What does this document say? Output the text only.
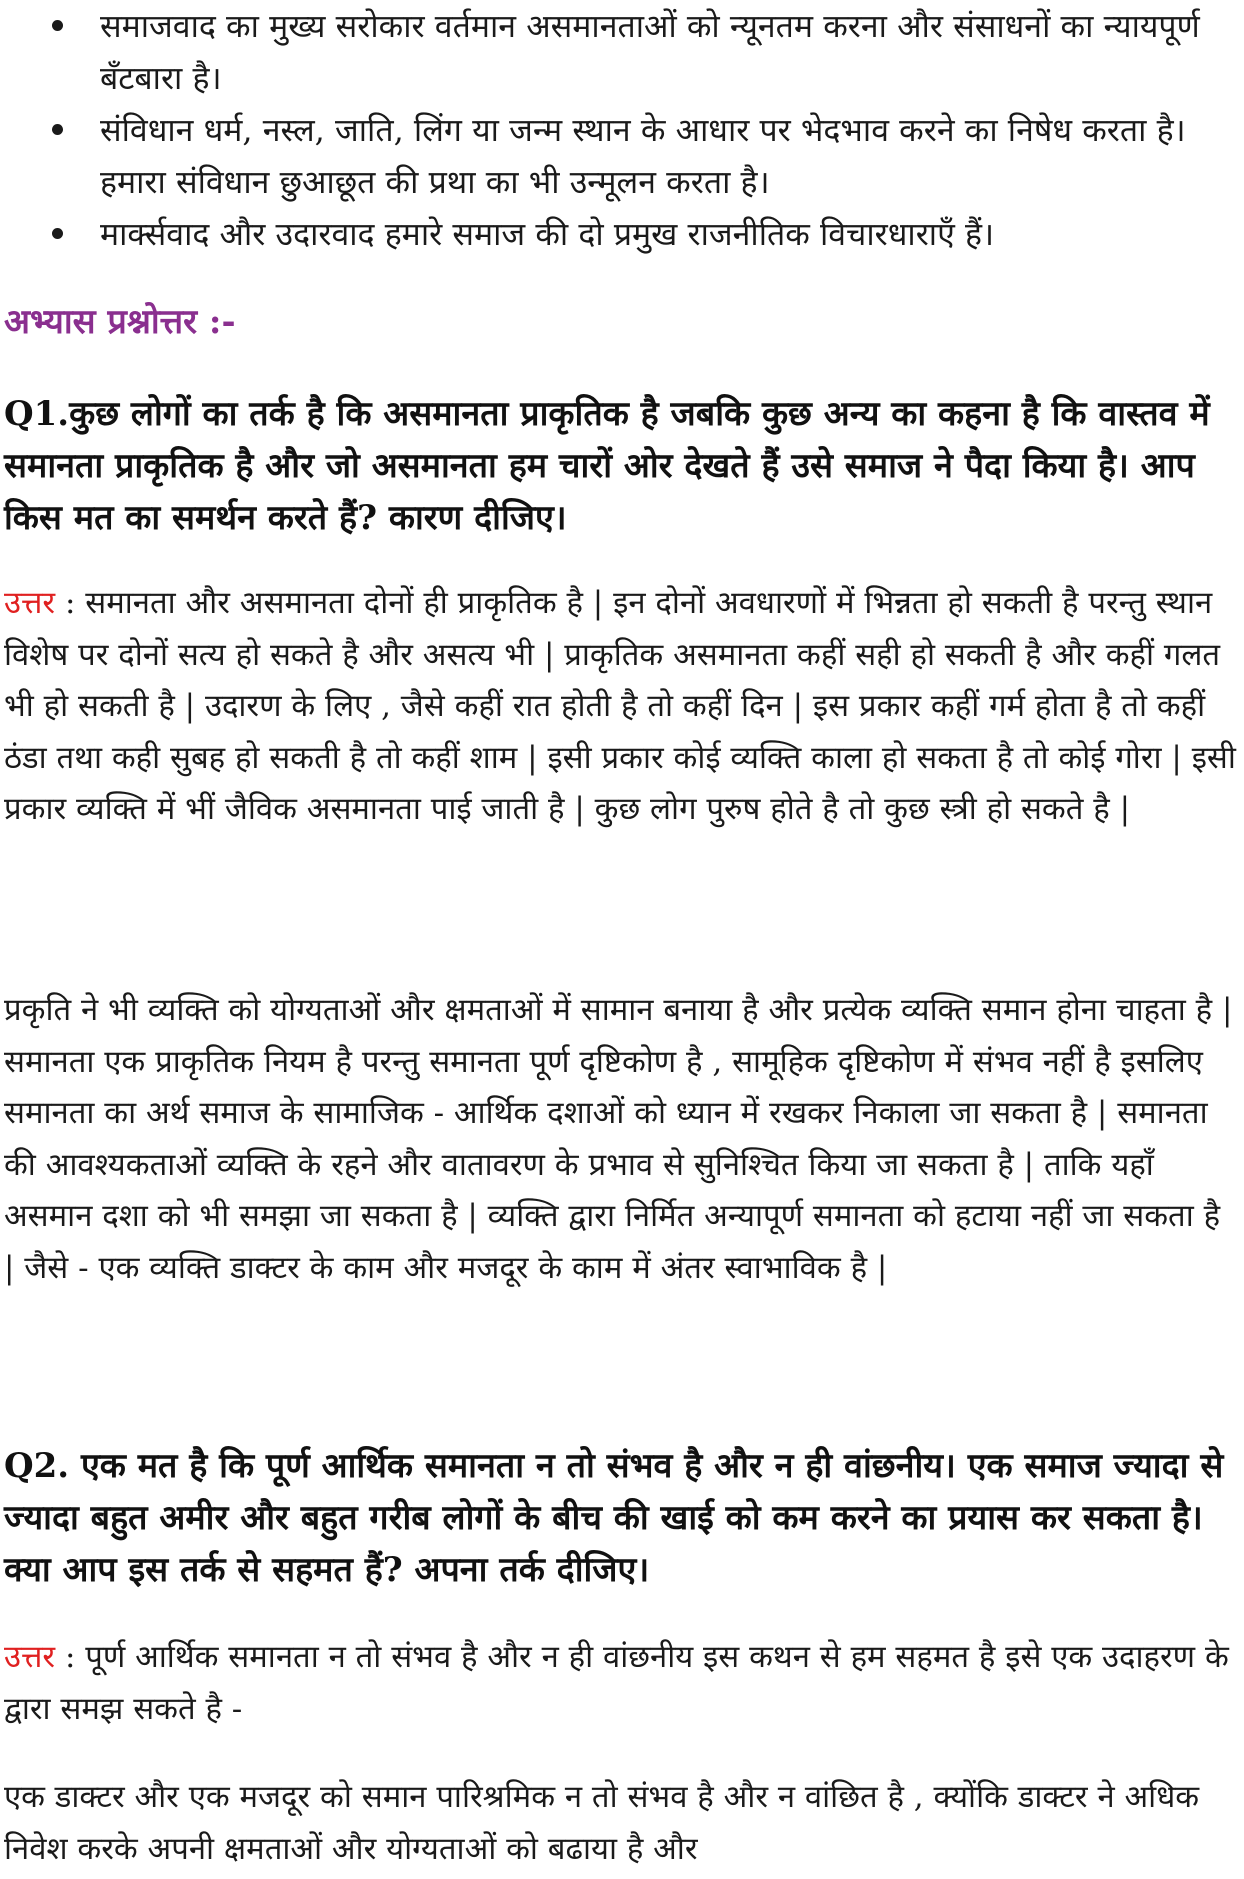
समाजवाद का मुख्य सरोकार वर्तमान असमानताओं को न्यूनतम करना और संसाधनों का न्यायपूर्ण बँटबारा है।
संविधान धर्म, नस्ल, जाति, लिंग या जन्म स्थान के आधार पर भेदभाव करने का निषेध करता है। हमारा संविधान छुआछूत की प्रथा का भी उन्मूलन करता है।
मार्क्सवाद और उदारवाद हमारे समाज की दो प्रमुख राजनीतिक विचारधाराएँ हैं।
अभ्यास प्रश्नोत्तर :-
Q1.कुछ लोगों का तर्क है कि असमानता प्राकृतिक है जबकि कुछ अन्य का कहना है कि वास्तव में समानता प्राकृतिक है और जो असमानता हम चारों ओर देखते हैं उसे समाज ने पैदा किया है। आप किस मत का समर्थन करते हैं? कारण दीजिए।
उत्तर : समानता और असमानता दोनों ही प्राकृतिक है | इन दोनों अवधारणों में भिन्नता हो सकती है परन्तु स्थान विशेष पर दोनों सत्य हो सकते है और असत्य भी | प्राकृतिक असमानता कहीं सही हो सकती है और कहीं गलत भी हो सकती है | उदारण के लिए , जैसे कहीं रात होती है तो कहीं दिन | इस प्रकार कहीं गर्म होता है तो कहीं ठंडा तथा कही सुबह हो सकती है तो कहीं शाम | इसी प्रकार कोई व्यक्ति काला हो सकता है तो कोई गोरा | इसी प्रकार व्यक्ति में भीं जैविक असमानता पाई जाती है | कुछ लोग पुरुष होते है तो कुछ स्त्री हो सकते है |
प्रकृति ने भी व्यक्ति को योग्यताओं और क्षमताओं में सामान बनाया है और प्रत्येक व्यक्ति समान होना चाहता है | समानता एक प्राकृतिक नियम है परन्तु समानता पूर्ण दृष्टिकोण है , सामूहिक दृष्टिकोण में संभव नहीं है इसलिए समानता का अर्थ समाज के सामाजिक - आर्थिक दशाओं को ध्यान में रखकर निकाला जा सकता है | समानता की आवश्यकताओं व्यक्ति के रहने और वातावरण के प्रभाव से सुनिश्चित किया जा सकता है | ताकि यहाँ असमान दशा को भी समझा जा सकता है | व्यक्ति द्वारा निर्मित अन्यापूर्ण समानता को हटाया नहीं जा सकता है | जैसे - एक व्यक्ति डाक्टर के काम और मजदूर के काम में अंतर स्वाभाविक है |
Q2. एक मत है कि पूर्ण आर्थिक समानता न तो संभव है और न ही वांछनीय। एक समाज ज्यादा से ज्यादा बहुत अमीर और बहुत गरीब लोगों के बीच की खाई को कम करने का प्रयास कर सकता है। क्या आप इस तर्क से सहमत हैं? अपना तर्क दीजिए।
उत्तर : पूर्ण आर्थिक समानता न तो संभव है और न ही वांछनीय इस कथन से हम सहमत है इसे एक उदाहरण के द्वारा समझ सकते है -
एक डाक्टर और एक मजदूर को समान पारिश्रमिक न तो संभव है और न वांछित है , क्योंकि डाक्टर ने अधिक निवेश करके अपनी क्षमताओं और योग्यताओं को बढाया है और
